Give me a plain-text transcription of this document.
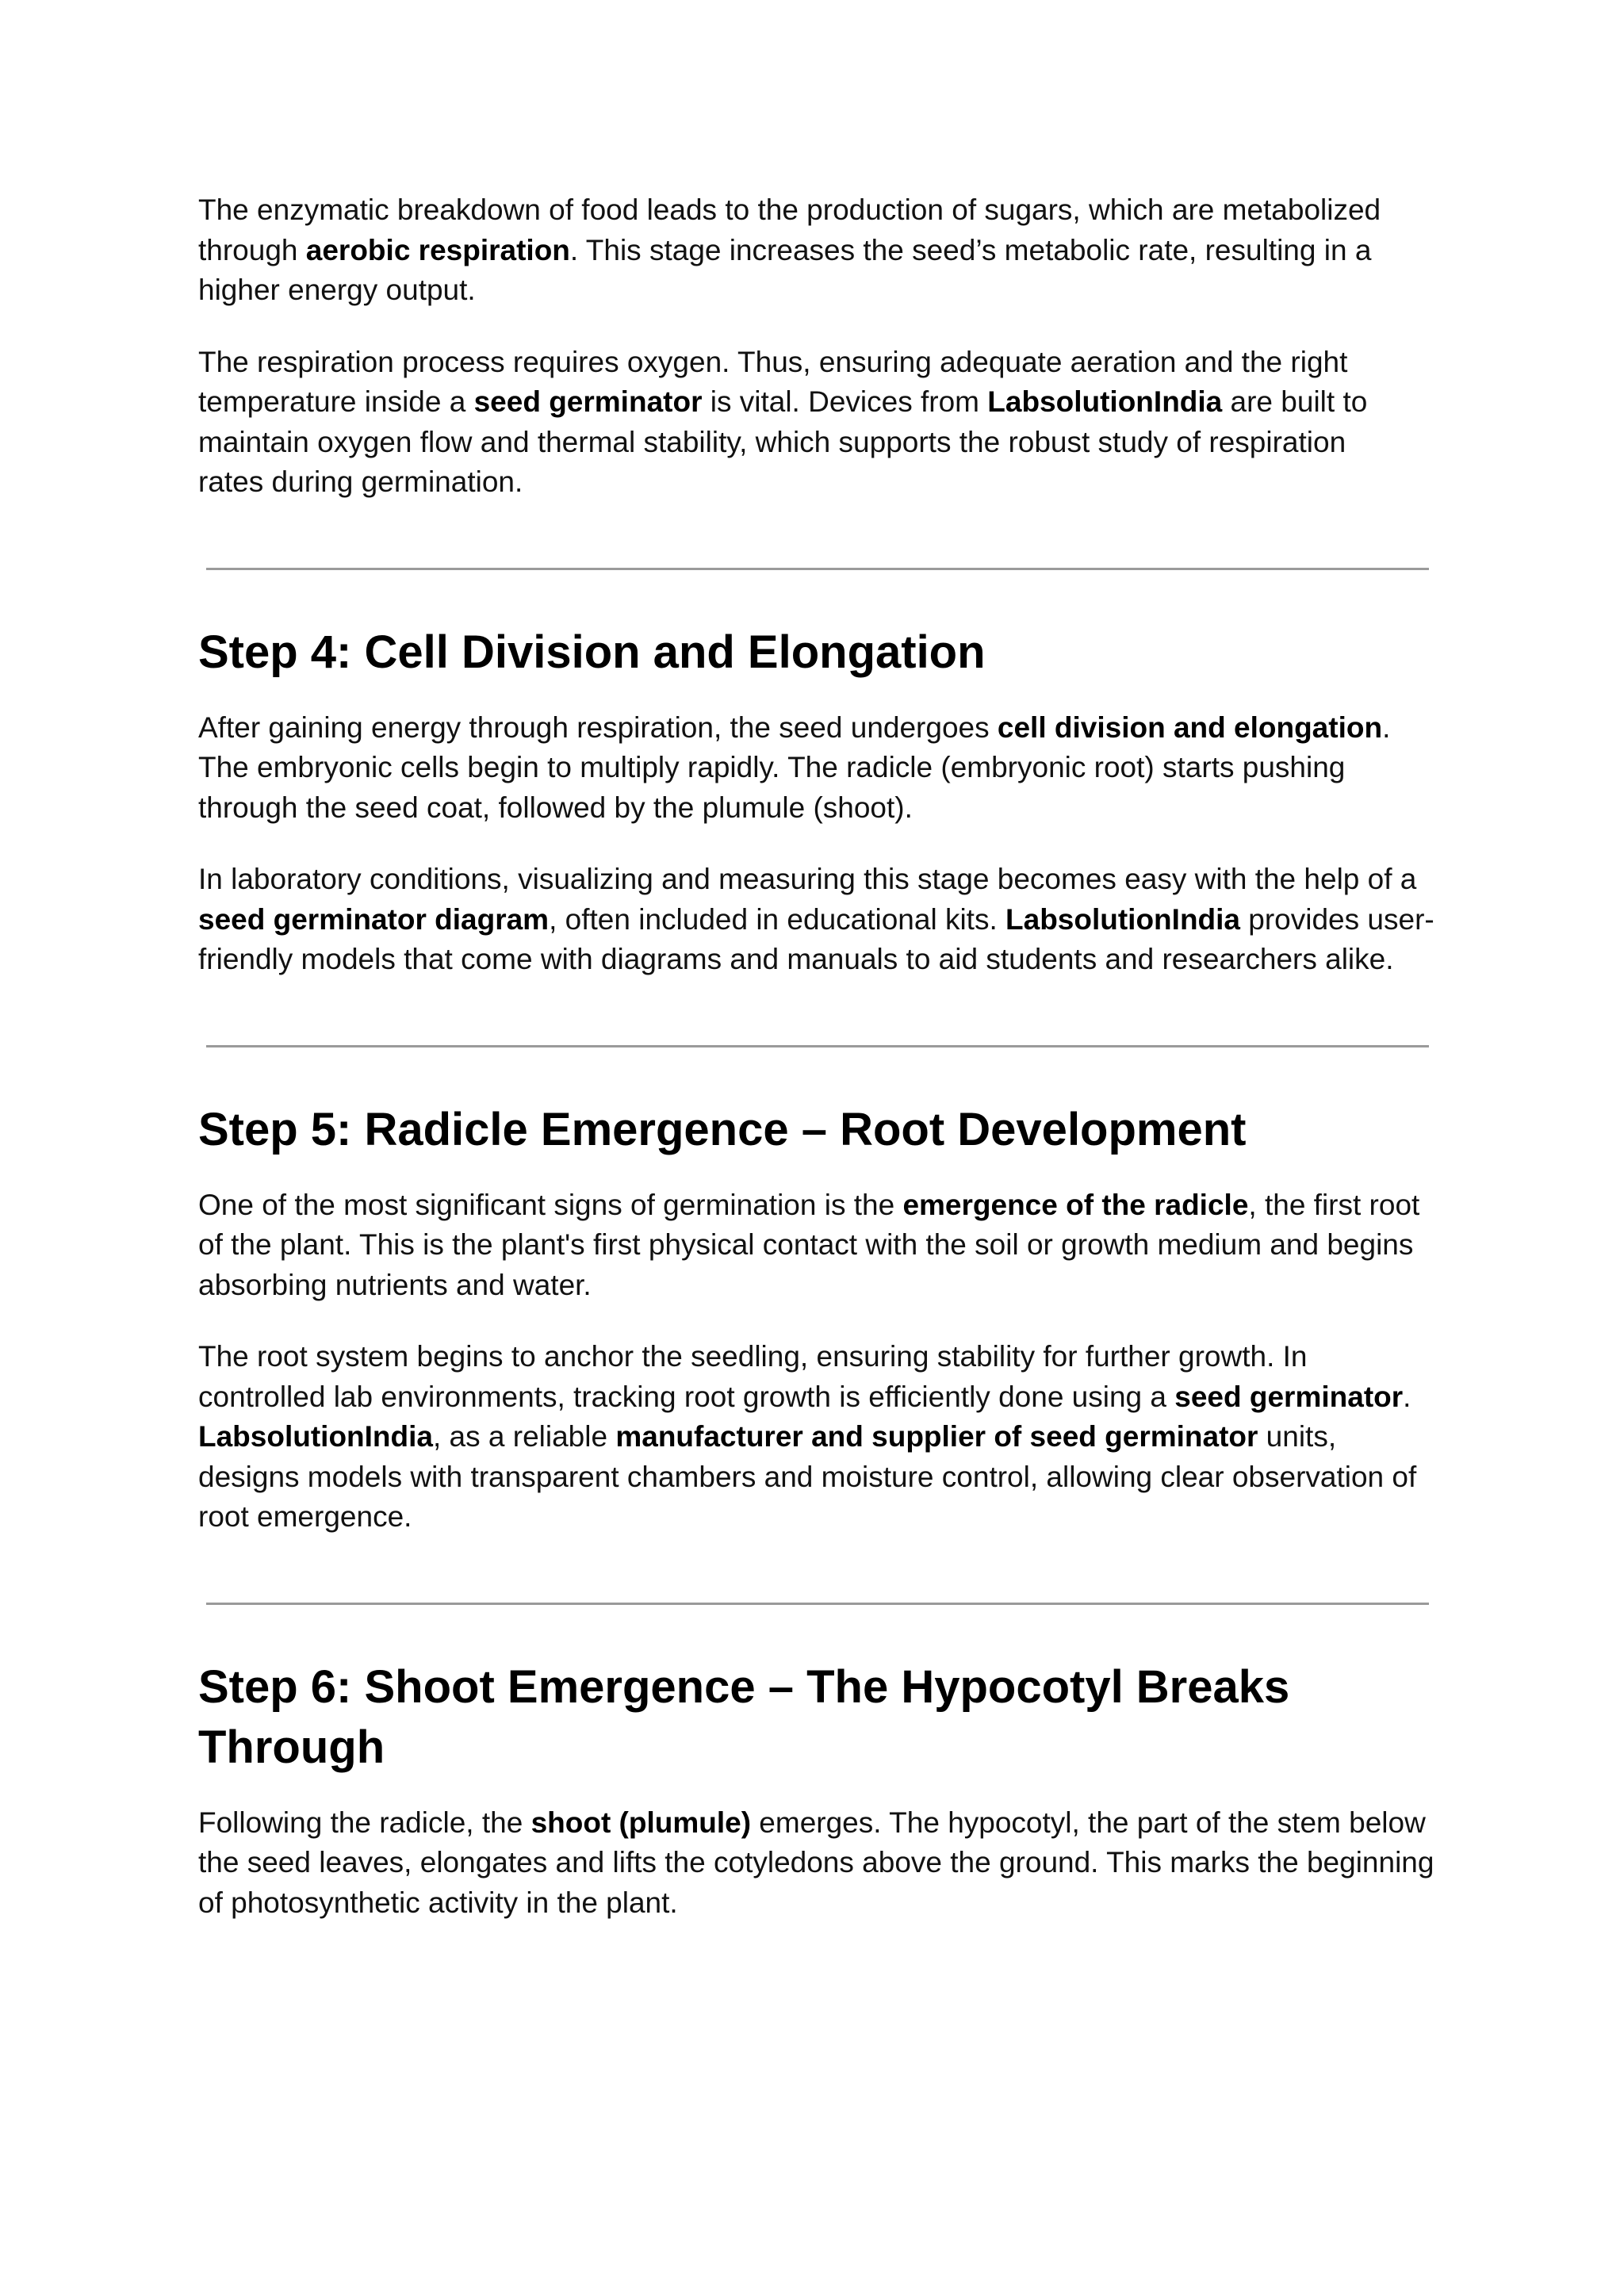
The enzymatic breakdown of food leads to the production of sugars, which are metabolized through aerobic respiration. This stage increases the seed’s metabolic rate, resulting in a higher energy output.

The respiration process requires oxygen. Thus, ensuring adequate aeration and the right temperature inside a seed germinator is vital. Devices from LabsolutionIndia are built to maintain oxygen flow and thermal stability, which supports the robust study of respiration rates during germination.

Step 4: Cell Division and Elongation

After gaining energy through respiration, the seed undergoes cell division and elongation. The embryonic cells begin to multiply rapidly. The radicle (embryonic root) starts pushing through the seed coat, followed by the plumule (shoot).

In laboratory conditions, visualizing and measuring this stage becomes easy with the help of a seed germinator diagram, often included in educational kits. LabsolutionIndia provides user-friendly models that come with diagrams and manuals to aid students and researchers alike.

Step 5: Radicle Emergence – Root Development

One of the most significant signs of germination is the emergence of the radicle, the first root of the plant. This is the plant's first physical contact with the soil or growth medium and begins absorbing nutrients and water.

The root system begins to anchor the seedling, ensuring stability for further growth. In controlled lab environments, tracking root growth is efficiently done using a seed germinator. LabsolutionIndia, as a reliable manufacturer and supplier of seed germinator units, designs models with transparent chambers and moisture control, allowing clear observation of root emergence.

Step 6: Shoot Emergence – The Hypocotyl Breaks Through

Following the radicle, the shoot (plumule) emerges. The hypocotyl, the part of the stem below the seed leaves, elongates and lifts the cotyledons above the ground. This marks the beginning of photosynthetic activity in the plant.
